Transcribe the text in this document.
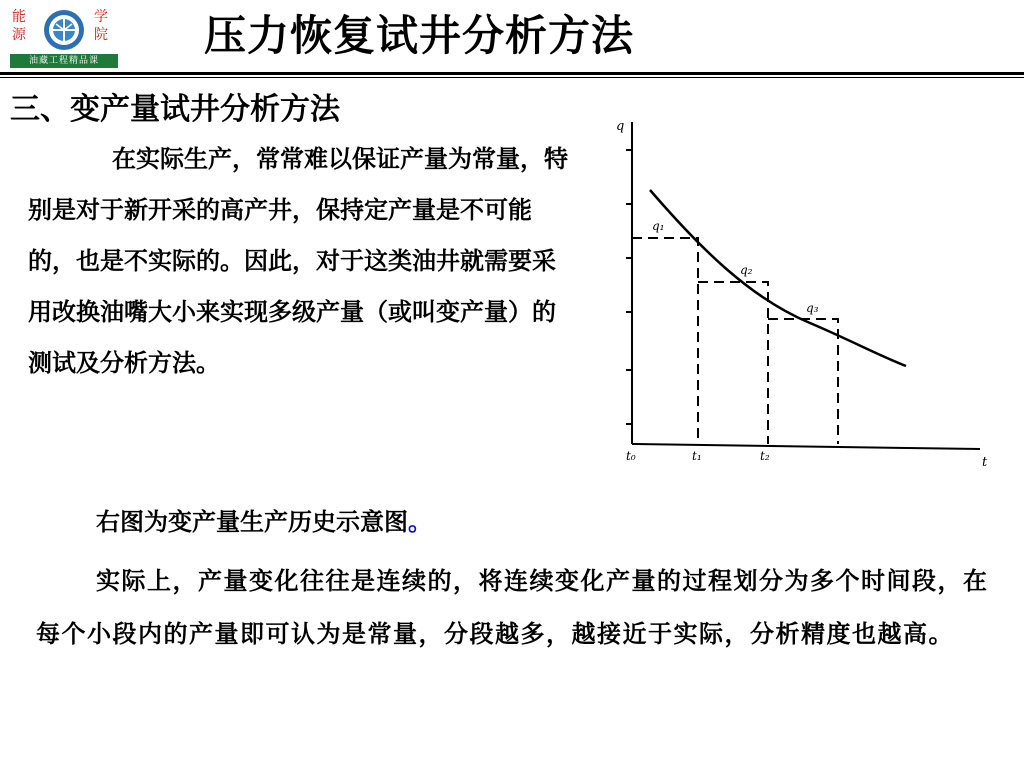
能	学
源	院
油藏工程精品课
压力恢复试井分析方法
三、变产量试井分析方法
在实际生产，常常难以保证产量为常量，特别是对于新开采的高产井，保持定产量是不可能的，也是不实际的。因此，对于这类油井就需要采用改换油嘴大小来实现多级产量（或叫变产量）的测试及分析方法。
q
t
q₁
q₂
q₃
t₀	t₁	t₂
右图为变产量生产历史示意图。
实际上，产量变化往往是连续的，将连续变化产量的过程划分为多个时间段，在每个小段内的产量即可认为是常量，分段越多，越接近于实际，分析精度也越高。
